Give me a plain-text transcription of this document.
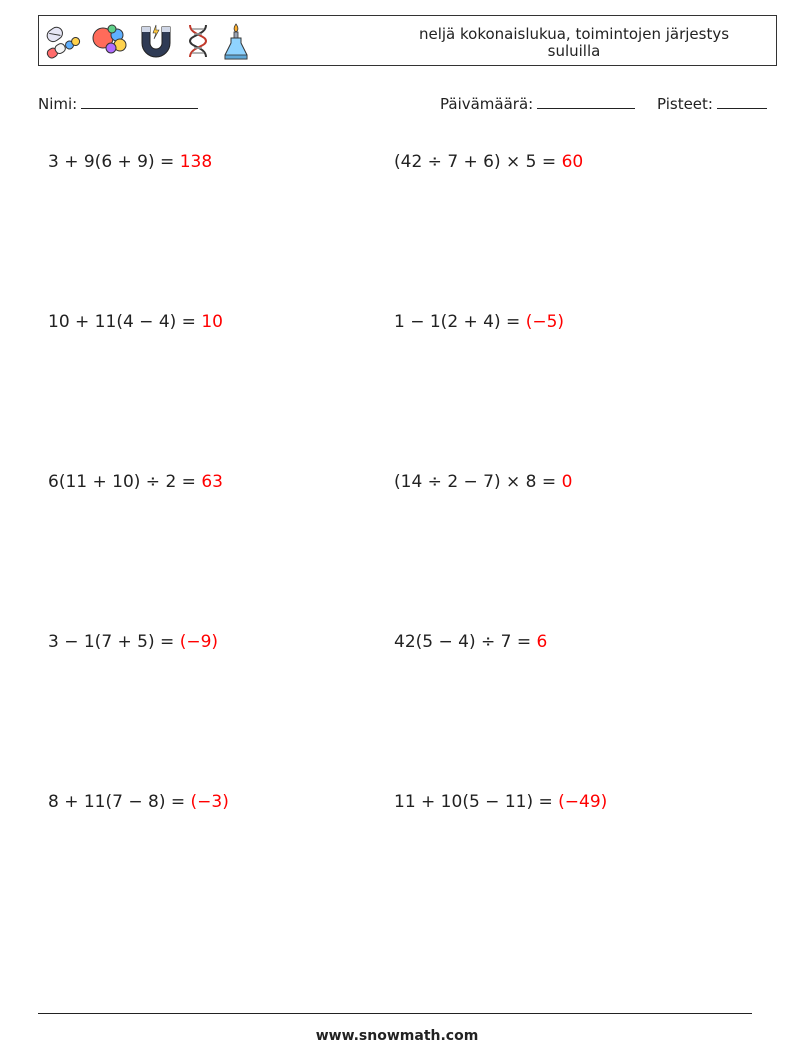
neljä kokonaislukua, toimintojen järjestys suluilla
Nimi:	Päivämäärä:	Pisteet:
3 + 9(6 + 9) = 138	(42 ÷ 7 + 6) × 5 = 60
10 + 11(4 − 4) = 10	1 − 1(2 + 4) = (−5)
6(11 + 10) ÷ 2 = 63	(14 ÷ 2 − 7) × 8 = 0
3 − 1(7 + 5) = (−9)	42(5 − 4) ÷ 7 = 6
8 + 11(7 − 8) = (−3)	11 + 10(5 − 11) = (−49)
www.snowmath.com
